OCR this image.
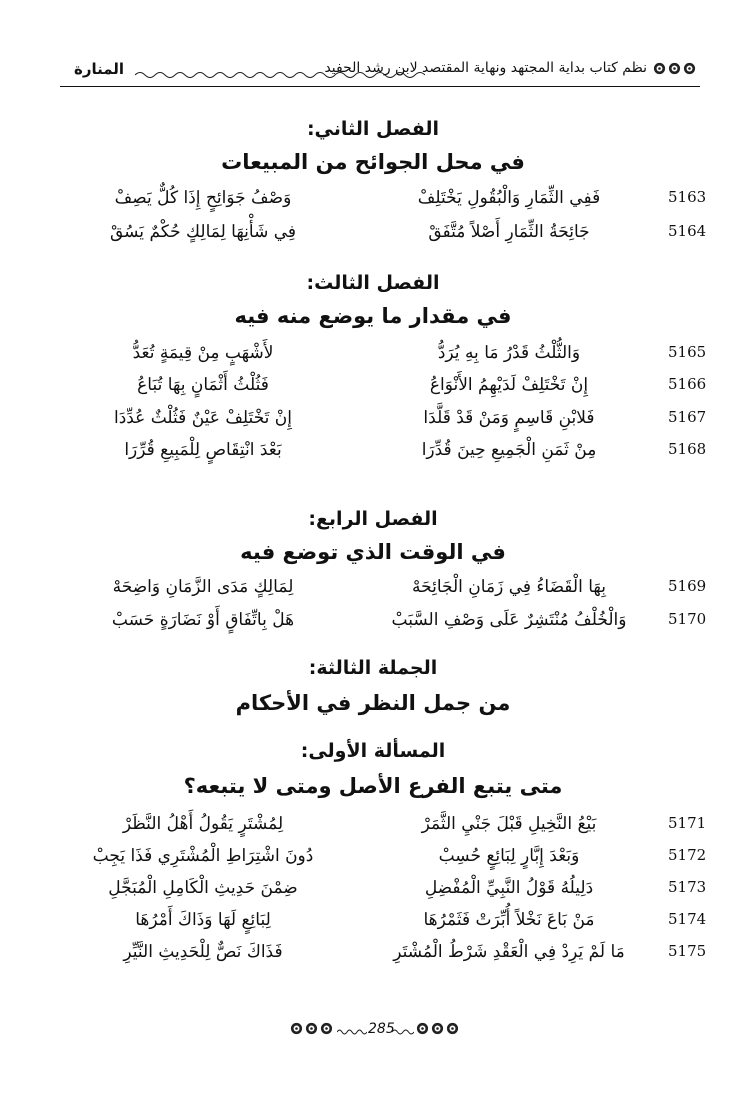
المنارة	نظم كتاب بداية المجتهد ونهاية المقتصد لابن رشد الحفيد
الفصل الثاني:
في محل الجوائح من المبيعات
وَصْفُ جَوَائِحٍ إِذَا كُلٌّ يَصِفْ	فَفِي الثِّمَارِ وَالْبُقُولِ يَخْتَلِفْ	5163
فِي شَأْنِهَا لِمَالِكٍ حُكْمٌ يَسُقْ	جَائِحَةُ الثِّمَارِ أَصْلاً مُتَّفَقْ	5164
الفصل الثالث:
في مقدار ما يوضع منه فيه
لأَشْهَبٍ مِنْ قِيمَةٍ تُعَدُّ	وَالثُّلْثُ قَدْرُ مَا بِهِ يُرَدُّ	5165
فَثُلْثُ أَثْمَانٍ بِهَا تُبَاعُ	إِنْ تَخْتَلِفْ لَدَيْهِمُ الأَنْوَاعُ	5166
إِنْ تَخْتَلِفْ عَيْنٌ فَثُلْثٌ عُدِّدَا	فَلابْنِ قَاسِمٍ وَمَنْ قَدْ قَلَّدَا	5167
بَعْدَ انْتِقَاصٍ لِلْمَبِيعِ قُرِّرَا	مِنْ ثَمَنِ الْجَمِيعِ حِينَ قُدِّرَا	5168
الفصل الرابع:
في الوقت الذي توضع فيه
لِمَالِكٍ مَدَى الزَّمَانِ وَاضِحَهْ	بِهَا الْقَضَاءُ فِي زَمَانِ الْجَائِحَهْ	5169
هَلْ بِاتِّفَاقٍ أَوْ نَضَارَةٍ حَسَبْ	وَالْخُلْفُ مُنْتَشِرٌ عَلَى وَصْفِ السَّبَبْ	5170
الجملة الثالثة:
من جمل النظر في الأحكام
المسألة الأولى:
متى يتبع الفرع الأصل ومتى لا يتبعه؟
لِمُشْتَرٍ يَقُولُ أَهْلُ النَّظَرْ	بَيْعُ النَّخِيلِ قَبْلَ جَنْيِ الثَّمَرْ	5171
دُونَ اشْتِرَاطِ الْمُشْتَرِي فَذَا يَجِبْ	وَبَعْدَ إِبَّارٍ لِبَائِعٍ حُسِبْ	5172
ضِمْنَ حَدِيثِ الْكَامِلِ الْمُبَجَّلِ	دَلِيلُهُ قَوْلُ النَّبِيِّ الْمُفْضِلِ	5173
لِبَائِعٍ لَهَا وَذَاكَ أَمْرُهَا	مَنْ بَاعَ نَخْلاً أُبِّرَتْ فَثَمْرُهَا	5174
فَذَاكَ نَصٌّ لِلْحَدِيثِ النَّيِّرِ	مَا لَمْ يَرِدْ فِي الْعَقْدِ شَرْطُ الْمُشْتَرِ	5175
285
